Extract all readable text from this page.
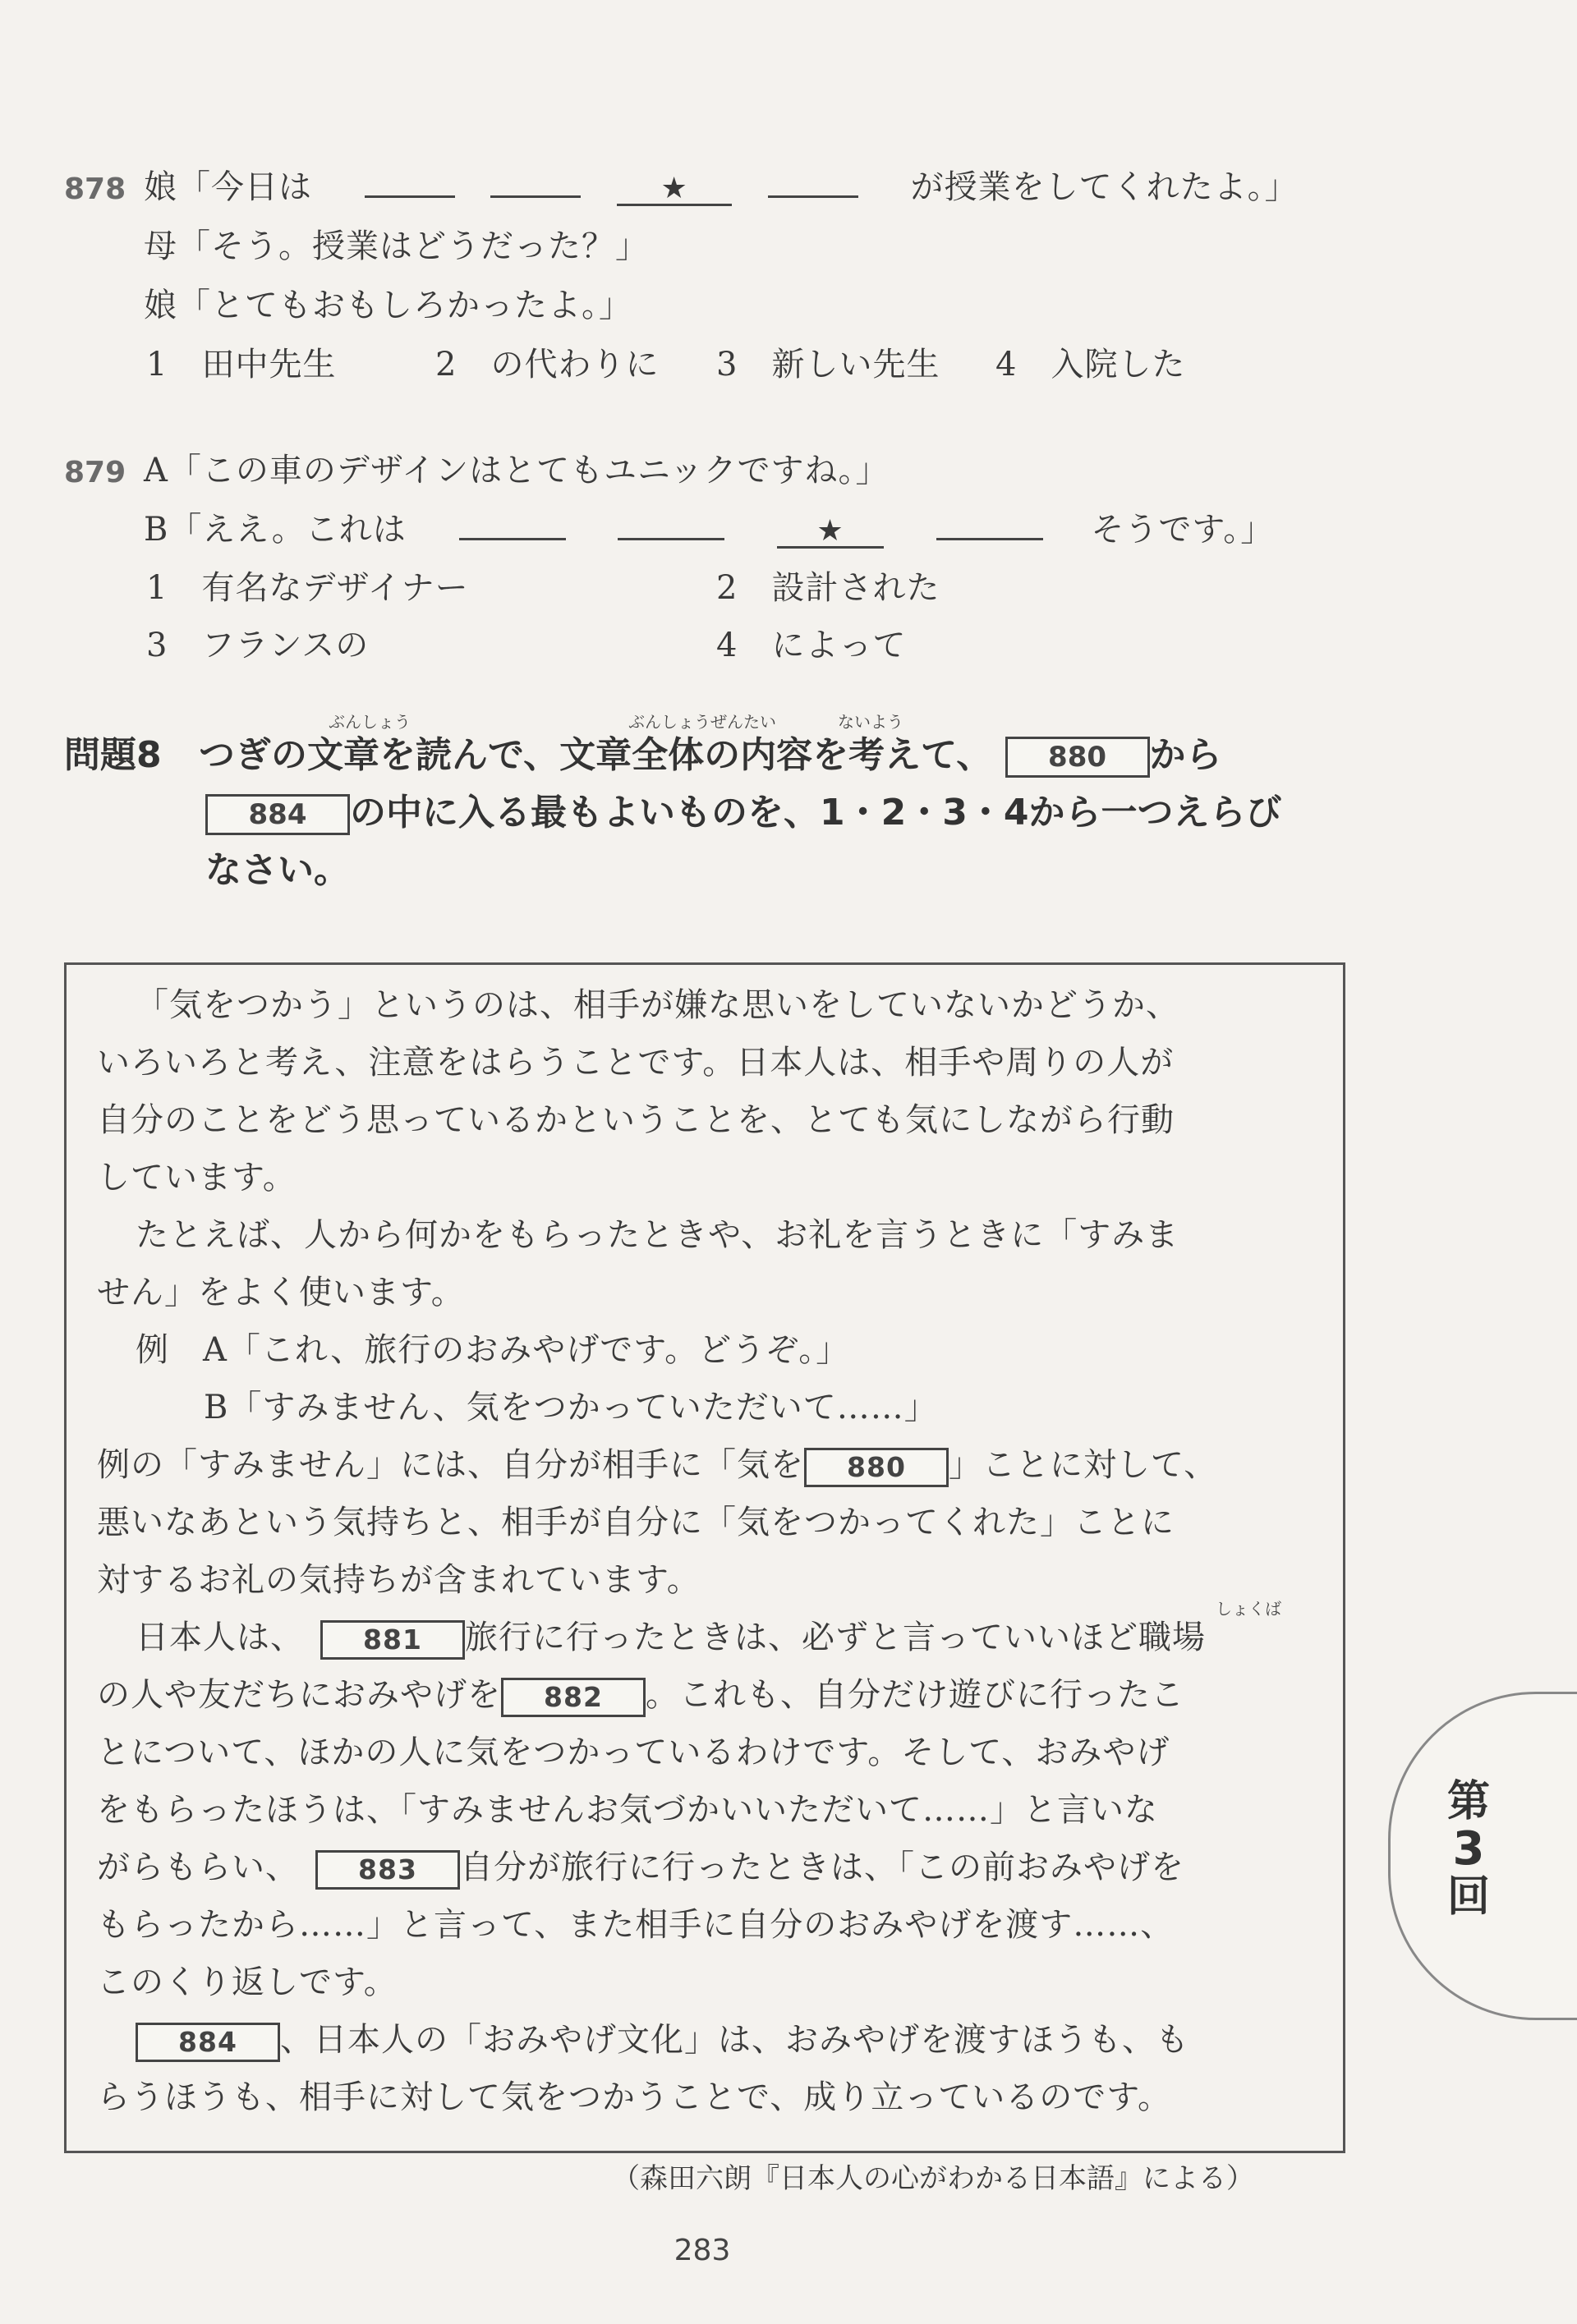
878 娘「今日は	★	が授業をしてくれたよ。」
母「そう。授業はどうだった？」
娘「とてもおもしろかったよ。」
1　田中先生	2　の代わりに 3　新しい先生 4　入院した
879 A「この車のデザインはとてもユニックですね。」
B「ええ。これは	★	そうです。」
1　有名なデザイナー	2　設計された
3　フランスの	4　によって
ぶんしょう	ぶんしょうぜんたい	ないよう
問題8 つぎの文章を読んで、文章全体の内容を考えて、 880 から
884 の中に入る最もよいものを、1・2・3・4から一つえらび
なさい。
「気をつかう」というのは、相手が嫌な思いをしていないかどうか、
いろいろと考え、注意をはらうことです。日本人は、相手や周りの人が
自分のことをどう思っているかということを、とても気にしながら行動
しています。
たとえば、人から何かをもらったときや、お礼を言うときに「すみま
せん」をよく使います。
例　A「これ、旅行のおみやげです。どうぞ。」
B「すみません、気をつかっていただいて……」
例の「すみません」には、自分が相手に「気を 880 」ことに対して、
悪いなあという気持ちと、相手が自分に「気をつかってくれた」ことに
対するお礼の気持ちが含まれています。
しょくば
日本人は、 881 旅行に行ったときは、必ずと言っていいほど職場
の人や友だちにおみやげを 882 。これも、自分だけ遊びに行ったこ
とについて、ほかの人に気をつかっているわけです。そして、おみやげ
をもらったほうは、「すみませんお気づかいいただいて……」と言いな
がらもらい、 883 自分が旅行に行ったときは、「この前おみやげを
もらったから……」と言って、また相手に自分のおみやげを渡す……、
このくり返しです。
884 、日本人の「おみやげ文化」は、おみやげを渡すほうも、も
らうほうも、相手に対して気をつかうことで、成り立っているのです。
（森田六朗『日本人の心がわかる日本語』による）
283
第
3
回
